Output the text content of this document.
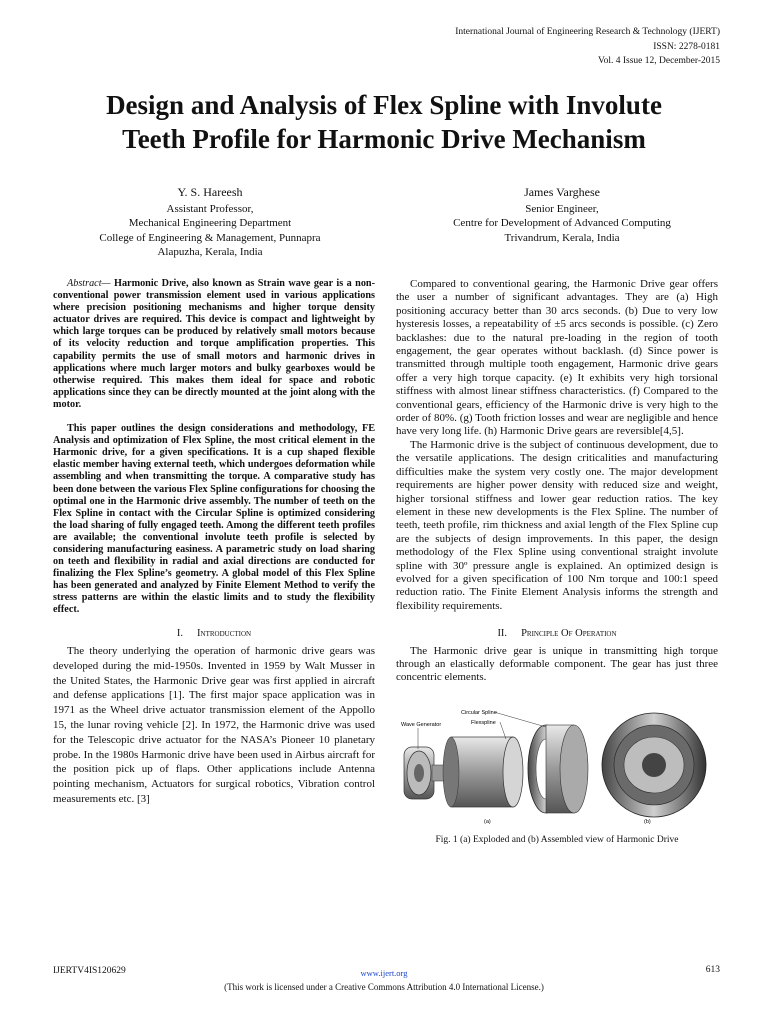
International Journal of Engineering Research & Technology (IJERT)
ISSN: 2278-0181
Vol. 4 Issue 12, December-2015
Design and Analysis of Flex Spline with Involute
Teeth Profile for Harmonic Drive Mechanism
Y. S. Hareesh
Assistant Professor,
Mechanical Engineering Department
College of Engineering & Management, Punnapra
Alapuzha, Kerala, India
James Varghese
Senior Engineer,
Centre for Development of Advanced Computing
Trivandrum, Kerala, India

Abstract— Harmonic Drive, also known as Strain wave gear is a non-conventional power transmission element used in various applications where precision positioning mechanisms and higher torque density actuator drives are required. This device is compact and lightweight by which large torques can be produced by relatively small motors because of its velocity reduction and torque amplification properties. This capability permits the use of small motors and harmonic drives in applications where much larger motors and bulky gearboxes would be otherwise required. This makes them ideal for space and robotic applications since they can be directly mounted at the joint along with the motor.

This paper outlines the design considerations and methodology, FE Analysis and optimization of Flex Spline, the most critical element in the Harmonic drive, for a given specifications. It is a cup shaped flexible elastic member having external teeth, which undergoes deformation while assembling and when transmitting the torque. A comparative study has been done between the various Flex Spline configurations for choosing the optimal one in the Harmonic drive assembly. The number of teeth on the Flex Spline in contact with the Circular Spline is optimized considering the load sharing of fully engaged teeth. Among the different teeth profiles are available; the conventional involute teeth profile is selected by considering manufacturing easiness. A parametric study on load sharing on teeth and flexibility in radial and axial directions are conducted for finalizing the Flex Spline’s geometry. A global model of this Flex Spline has been generated and analyzed by Finite Element Method to verify the stress patterns are within the elastic limits and to study the flexibility effect.

I. Introduction

The theory underlying the operation of harmonic drive gears was developed during the mid-1950s. Invented in 1959 by Walt Musser in the United States, the Harmonic Drive gear was first applied in aircraft and defense applications [1]. The first major space application was in 1971 as the Wheel drive actuator transmission element of the Appollo 15, the lunar roving vehicle [2]. In 1972, the Harmonic drive was used for the Telescopic drive actuator for the NASA’s Pioneer 10 planetary probe. In the 1980s Harmonic drive have been used in Airbus aircraft for the position pick up of flaps. Other applications include Antenna pointing mechanism, Actuators for surgical robotics, Vibration control measurements etc. [3]

Compared to conventional gearing, the Harmonic Drive gear offers the user a number of significant advantages. They are (a) High positioning accuracy better than 30 arcs seconds. (b) Due to very low hysteresis losses, a repeatability of ±5 arcs seconds is possible. (c) Zero backlashes: due to the natural pre-loading in the region of tooth engagement, the gear operates without backlash. (d) Since power is transmitted through multiple tooth engagement, Harmonic drive gears offer a very high torque capacity. (e) It exhibits very high torsional stiffness with almost linear stiffness characteristics. (f) Compared to the conventional gears, efficiency of the Harmonic drive is very high to the order of 80%. (g) Tooth friction losses and wear are negligible and hence have very long life. (h) Harmonic Drive gears are reversible[4,5].

The Harmonic drive is the subject of continuous development, due to the versatile applications. The design criticalities and manufacturing difficulties make the system very costly one. The major development requirements are higher power density with reduced size and weight, higher torsional stiffness and lower gear reduction ratios. The key element in these new developments is the Flex Spline. The number of teeth, teeth profile, rim thickness and axial length of the Flex Spline cup are the subjects of design improvements. In this paper, the design methodology of the Flex Spline using conventional straight involute spline with 30º pressure angle is explained. An optimized design is evolved for a given specification of 100 Nm torque and 100:1 speed reduction ratio. The Finite Element Analysis informs the strength and flexibility requirements.

II. Principle Of Operation

The Harmonic drive gear is unique in transmitting high torque through an elastically deformable component. The gear has just three concentric elements.

Wave Generator
Circular Spline
Flexspline
(a)	(b)
Fig. 1 (a) Exploded and (b) Assembled view of Harmonic Drive
IJERTV4IS120629	www.ijert.org	613
(This work is licensed under a Creative Commons Attribution 4.0 International License.)
